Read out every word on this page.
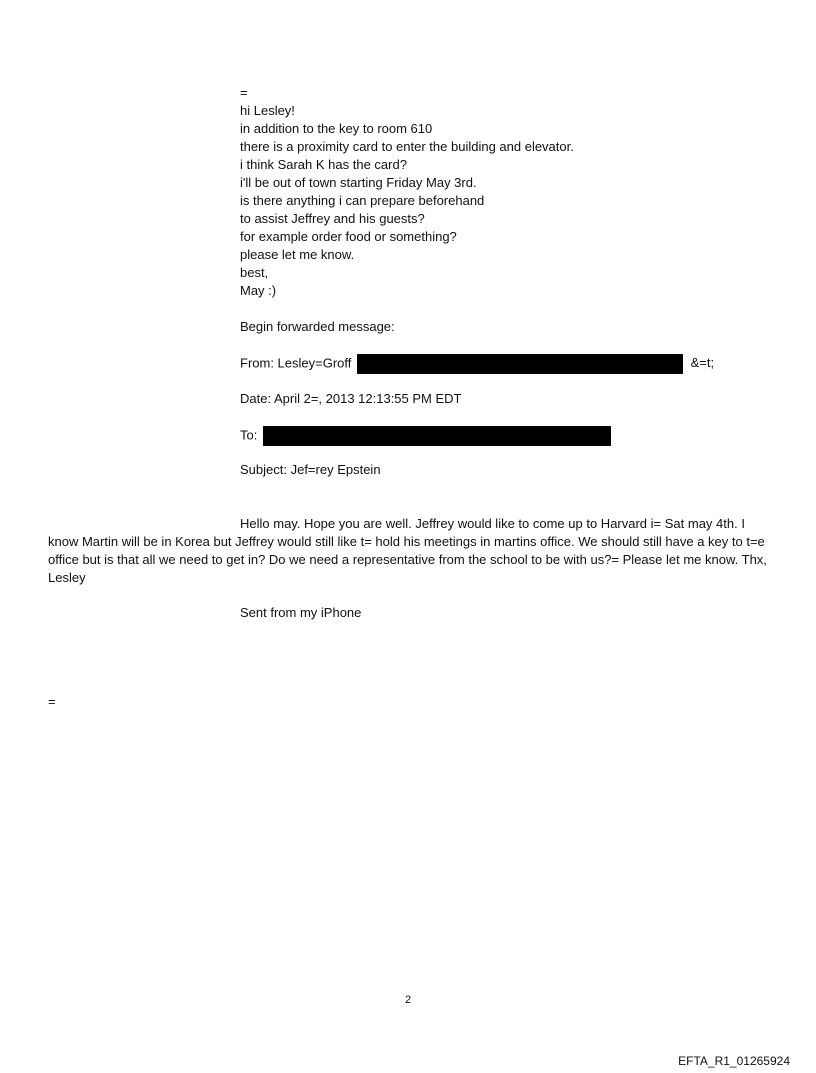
=
hi Lesley!
in addition to the key to room 610
there is a proximity card to enter the building and elevator.
i think Sarah K has the card?
i'll be out of town starting Friday May 3rd.
is there anything i can prepare beforehand
to assist Jeffrey and his guests?
for example order food or something?
please let me know.
best,
May :)
Begin forwarded message:
From: Lesley=Groff	&=t;
Date: April 2=, 2013 12:13:55 PM EDT
To:
Subject: Jef=rey Epstein
Hello may. Hope you are well. Jeffrey would like to come up to Harvard i= Sat may 4th. I know Martin will be in Korea but Jeffrey would still like t= hold his meetings in martins office. We should still have a key to t=e office but is that all we need to get in? Do we need a representative from the school to be with us?= Please let me know. Thx, Lesley
Sent from my iPhone
=
2
EFTA_R1_01265924
